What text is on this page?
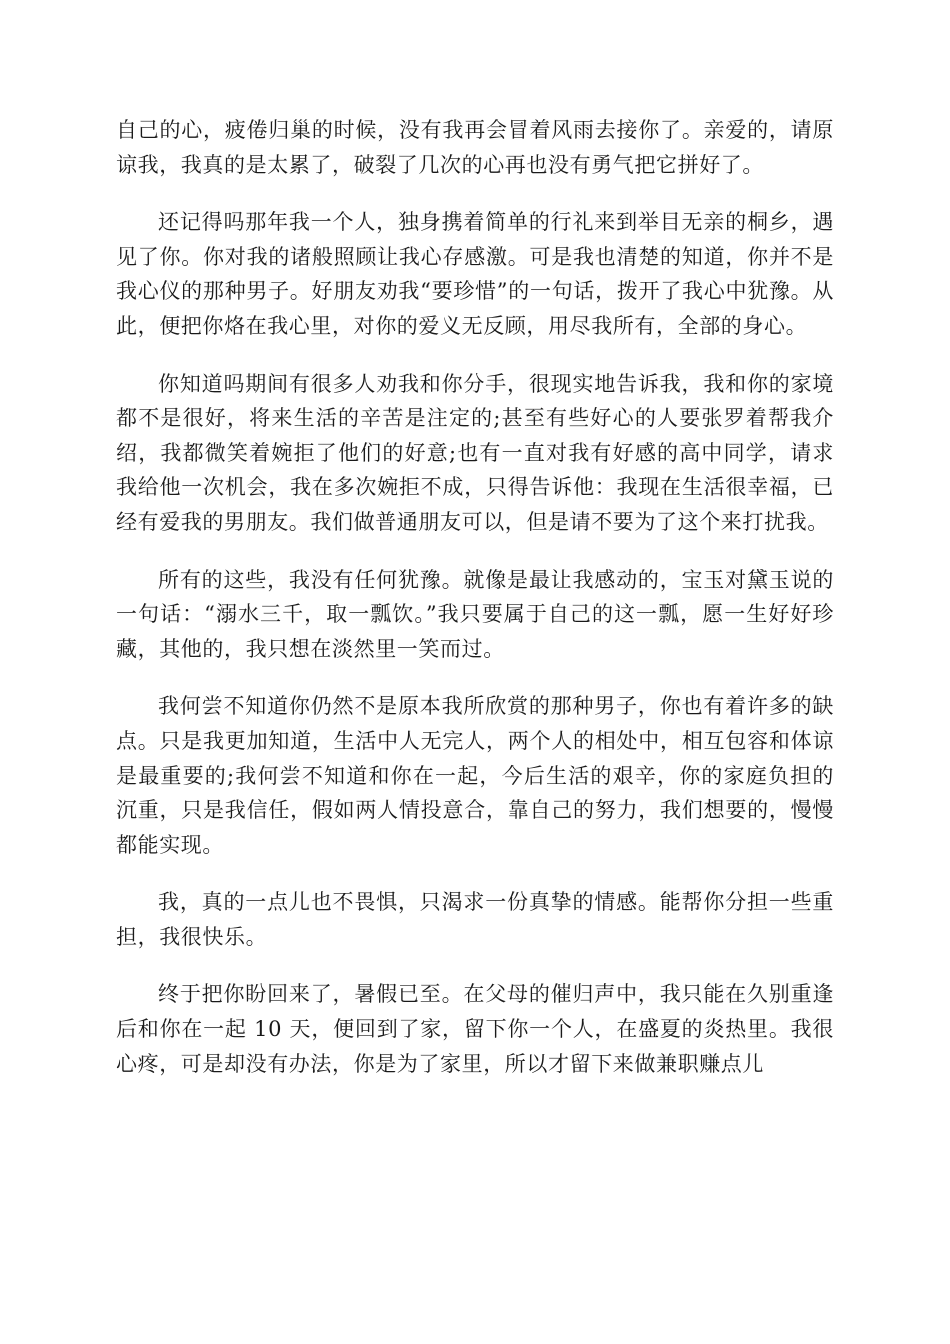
自己的心，疲倦归巢的时候，没有我再会冒着风雨去接你了。亲爱的，请原谅我，我真的是太累了，破裂了几次的心再也没有勇气把它拼好了。

还记得吗那年我一个人，独身携着简单的行礼来到举目无亲的桐乡，遇见了你。你对我的诸般照顾让我心存感激。可是我也清楚的知道，你并不是我心仪的那种男子。好朋友劝我“要珍惜”的一句话，拨开了我心中犹豫。从此，便把你烙在我心里，对你的爱义无反顾，用尽我所有，全部的身心。

你知道吗期间有很多人劝我和你分手，很现实地告诉我，我和你的家境都不是很好，将来生活的辛苦是注定的;甚至有些好心的人要张罗着帮我介绍，我都微笑着婉拒了他们的好意;也有一直对我有好感的高中同学，请求我给他一次机会，我在多次婉拒不成，只得告诉他：我现在生活很幸福，已经有爱我的男朋友。我们做普通朋友可以，但是请不要为了这个来打扰我。

所有的这些，我没有任何犹豫。就像是最让我感动的，宝玉对黛玉说的一句话：“溺水三千，取一瓢饮。”我只要属于自己的这一瓢，愿一生好好珍藏，其他的，我只想在淡然里一笑而过。

我何尝不知道你仍然不是原本我所欣赏的那种男子，你也有着许多的缺点。只是我更加知道，生活中人无完人，两个人的相处中，相互包容和体谅是最重要的;我何尝不知道和你在一起，今后生活的艰辛，你的家庭负担的沉重，只是我信任，假如两人情投意合，靠自己的努力，我们想要的，慢慢都能实现。

我，真的一点儿也不畏惧，只渴求一份真挚的情感。能帮你分担一些重担，我很快乐。

终于把你盼回来了，暑假已至。在父母的催归声中，我只能在久别重逢后和你在一起 10 天，便回到了家，留下你一个人，在盛夏的炎热里。我很心疼，可是却没有办法，你是为了家里，所以才留下来做兼职赚点儿
